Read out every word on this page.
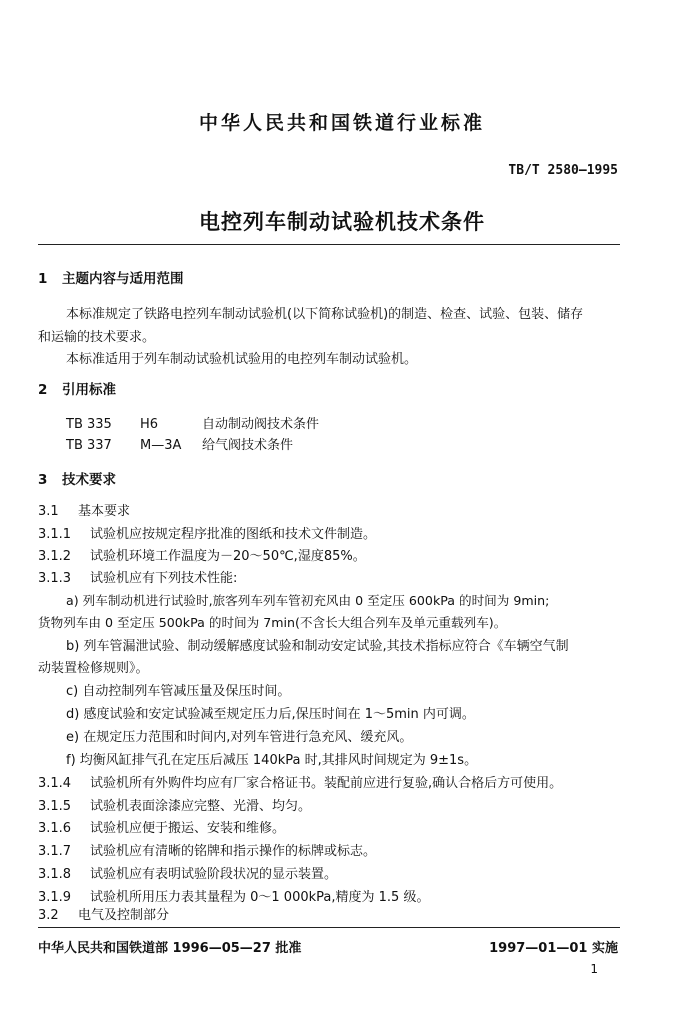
中华人民共和国铁道行业标准
TB/T 2580—1995
电控列车制动试验机技术条件
1 主题内容与适用范围
本标准规定了铁路电控列车制动试验机(以下简称试验机)的制造、检查、试验、包装、储存
和运输的技术要求。
本标准适用于列车制动试验机试验用的电控列车制动试验机。
2 引用标准
TB 335 H6	自动制动阀技术条件
TB 337 M—3A 给气阀技术条件
3 技术要求
3.1 基本要求
3.1.1 试验机应按规定程序批准的图纸和技术文件制造。
3.1.2 试验机环境工作温度为－20～50℃,湿度85%。
3.1.3 试验机应有下列技术性能:
a) 列车制动机进行试验时,旅客列车列车管初充风由 0 至定压 600kPa 的时间为 9min;
货物列车由 0 至定压 500kPa 的时间为 7min(不含长大组合列车及单元重载列车)。
b) 列车管漏泄试验、制动缓解感度试验和制动安定试验,其技术指标应符合《车辆空气制
动装置检修规则》。
c) 自动控制列车管减压量及保压时间。
d) 感度试验和安定试验减至规定压力后,保压时间在 1～5min 内可调。
e) 在规定压力范围和时间内,对列车管进行急充风、缓充风。
f) 均衡风缸排气孔在定压后减压 140kPa 时,其排风时间规定为 9±1s。
3.1.4 试验机所有外购件均应有厂家合格证书。装配前应进行复验,确认合格后方可使用。
3.1.5 试验机表面涂漆应完整、光滑、均匀。
3.1.6 试验机应便于搬运、安装和维修。
3.1.7 试验机应有清晰的铭牌和指示操作的标牌或标志。
3.1.8 试验机应有表明试验阶段状况的显示装置。
3.1.9 试验机所用压力表其量程为 0～1 000kPa,精度为 1.5 级。
3.2 电气及控制部分
中华人民共和国铁道部 1996—05—27 批准	1997—01—01 实施
1
